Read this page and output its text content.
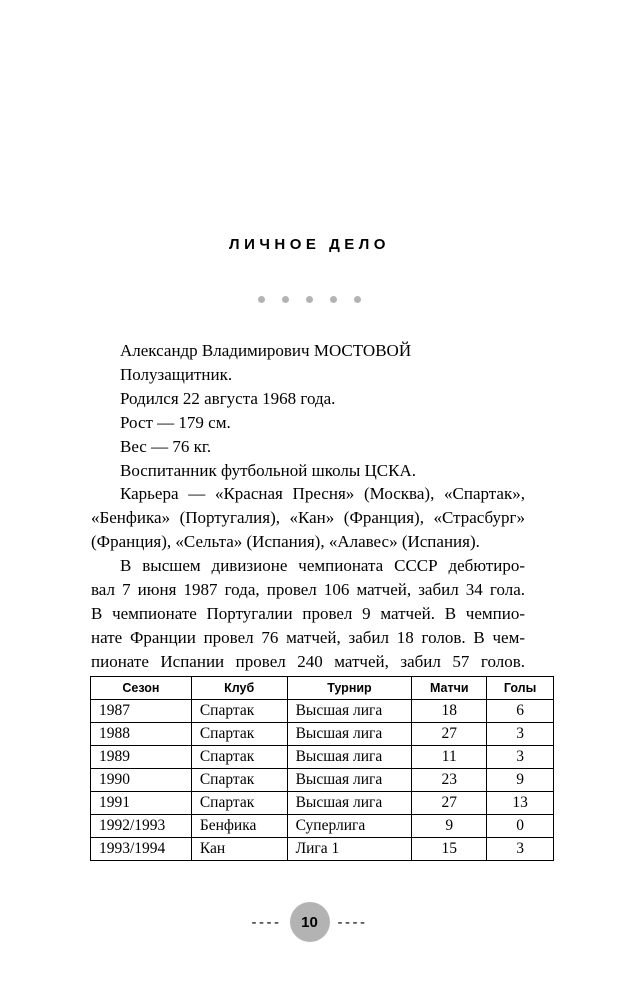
ЛИЧНОЕ ДЕЛО

Александр Владимирович МОСТОВОЙ

Полузащитник.

Родился 22 августа 1968 года.

Рост — 179 см.

Вес — 76 кг.

Воспитанник футбольной школы ЦСКА.

Карьера — «Красная Пресня» (Москва), «Спартак»,

«Бенфика» (Португалия), «Кан» (Франция), «Страсбург»

(Франция), «Сельта» (Испания), «Алавес» (Испания).

В высшем дивизионе чемпионата СССР дебютиро-

вал 7 июня 1987 года, провел 106 матчей, забил 34 гола.

В чемпионате Португалии провел 9 матчей. В чемпио-

нате Франции провел 76 матчей, забил 18 голов. В чем-

пионате Испании провел 240 матчей, забил 57 голов.

Сезон	Клуб	Турнир	Матчи	Голы
1987	Спартак	Высшая лига	18	6
1988	Спартак	Высшая лига	27	3
1989	Спартак	Высшая лига	11	3
1990	Спартак	Высшая лига	23	9
1991	Спартак	Высшая лига	27	13
1992/1993	Бенфика	Суперлига	9	0
1993/1994	Кан	Лига 1	15	3
----	10	----
